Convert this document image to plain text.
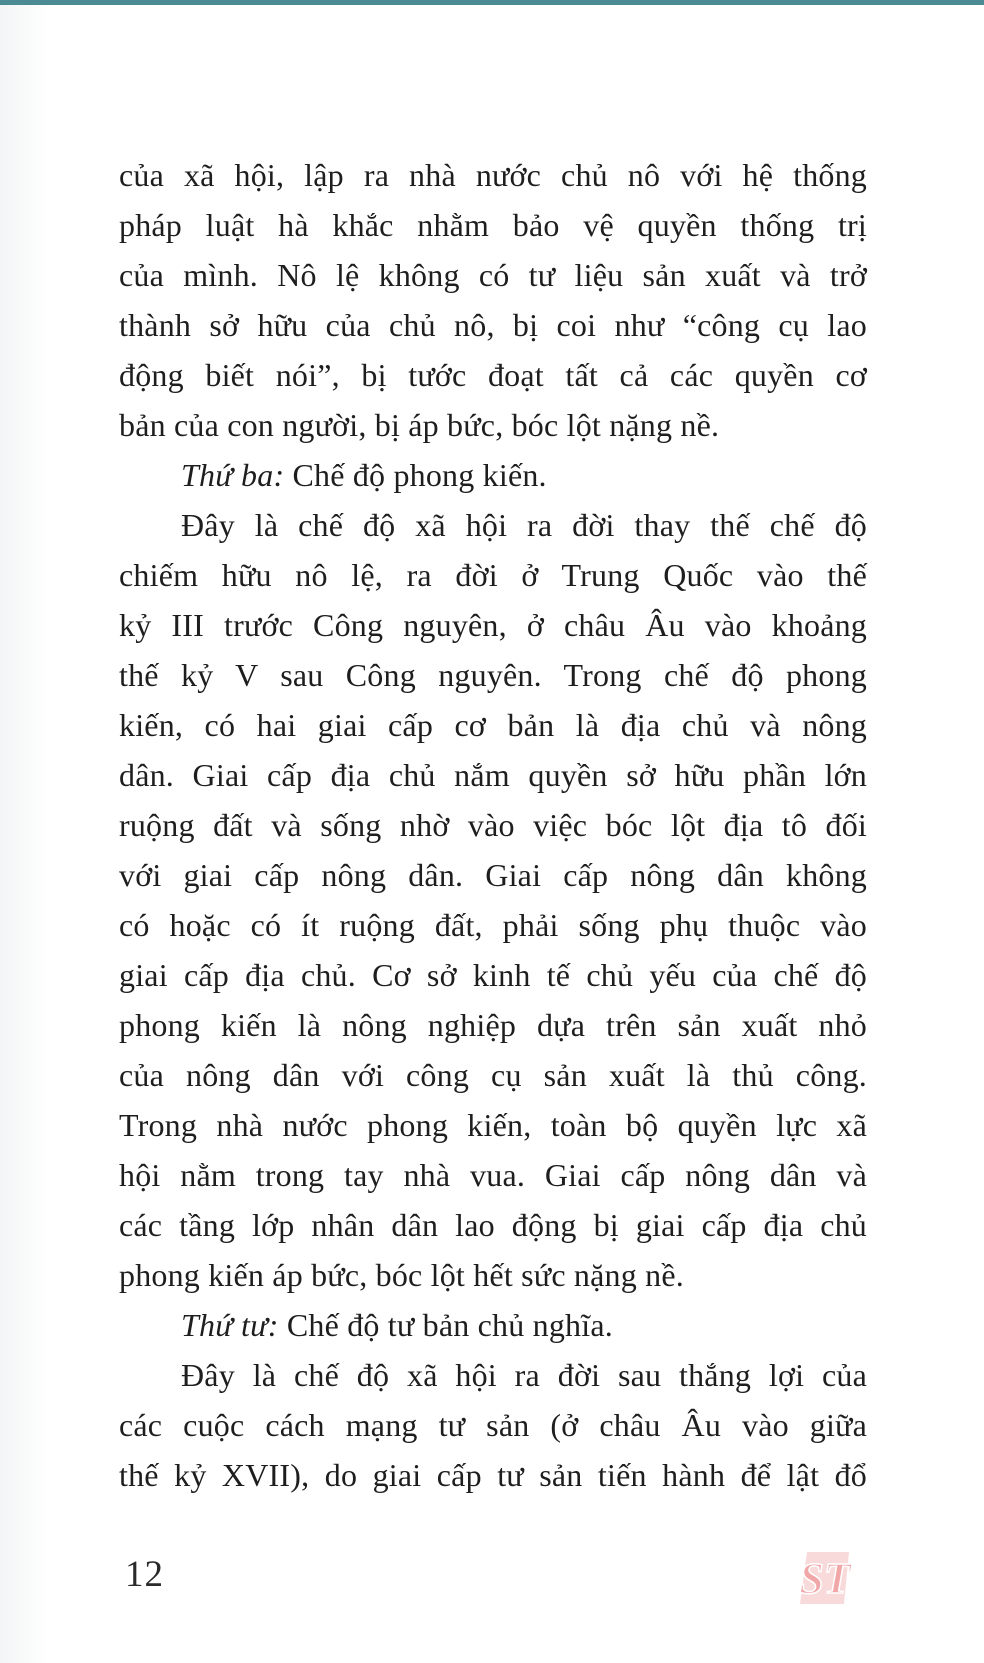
của xã hội, lập ra nhà nước chủ nô với hệ thống
pháp luật hà khắc nhằm bảo vệ quyền thống trị
của mình. Nô lệ không có tư liệu sản xuất và trở
thành sở hữu của chủ nô, bị coi như “công cụ lao
động biết nói”, bị tước đoạt tất cả các quyền cơ
bản của con người, bị áp bức, bóc lột nặng nề.
Thứ ba: Chế độ phong kiến.
Đây là chế độ xã hội ra đời thay thế chế độ
chiếm hữu nô lệ, ra đời ở Trung Quốc vào thế
kỷ III trước Công nguyên, ở châu Âu vào khoảng
thế kỷ V sau Công nguyên. Trong chế độ phong
kiến, có hai giai cấp cơ bản là địa chủ và nông
dân. Giai cấp địa chủ nắm quyền sở hữu phần lớn
ruộng đất và sống nhờ vào việc bóc lột địa tô đối
với giai cấp nông dân. Giai cấp nông dân không
có hoặc có ít ruộng đất, phải sống phụ thuộc vào
giai cấp địa chủ. Cơ sở kinh tế chủ yếu của chế độ
phong kiến là nông nghiệp dựa trên sản xuất nhỏ
của nông dân với công cụ sản xuất là thủ công.
Trong nhà nước phong kiến, toàn bộ quyền lực xã
hội nằm trong tay nhà vua. Giai cấp nông dân và
các tầng lớp nhân dân lao động bị giai cấp địa chủ
phong kiến áp bức, bóc lột hết sức nặng nề.
Thứ tư: Chế độ tư bản chủ nghĩa.
Đây là chế độ xã hội ra đời sau thắng lợi của
các cuộc cách mạng tư sản (ở châu Âu vào giữa
thế kỷ XVII), do giai cấp tư sản tiến hành để lật đổ
12	ST
